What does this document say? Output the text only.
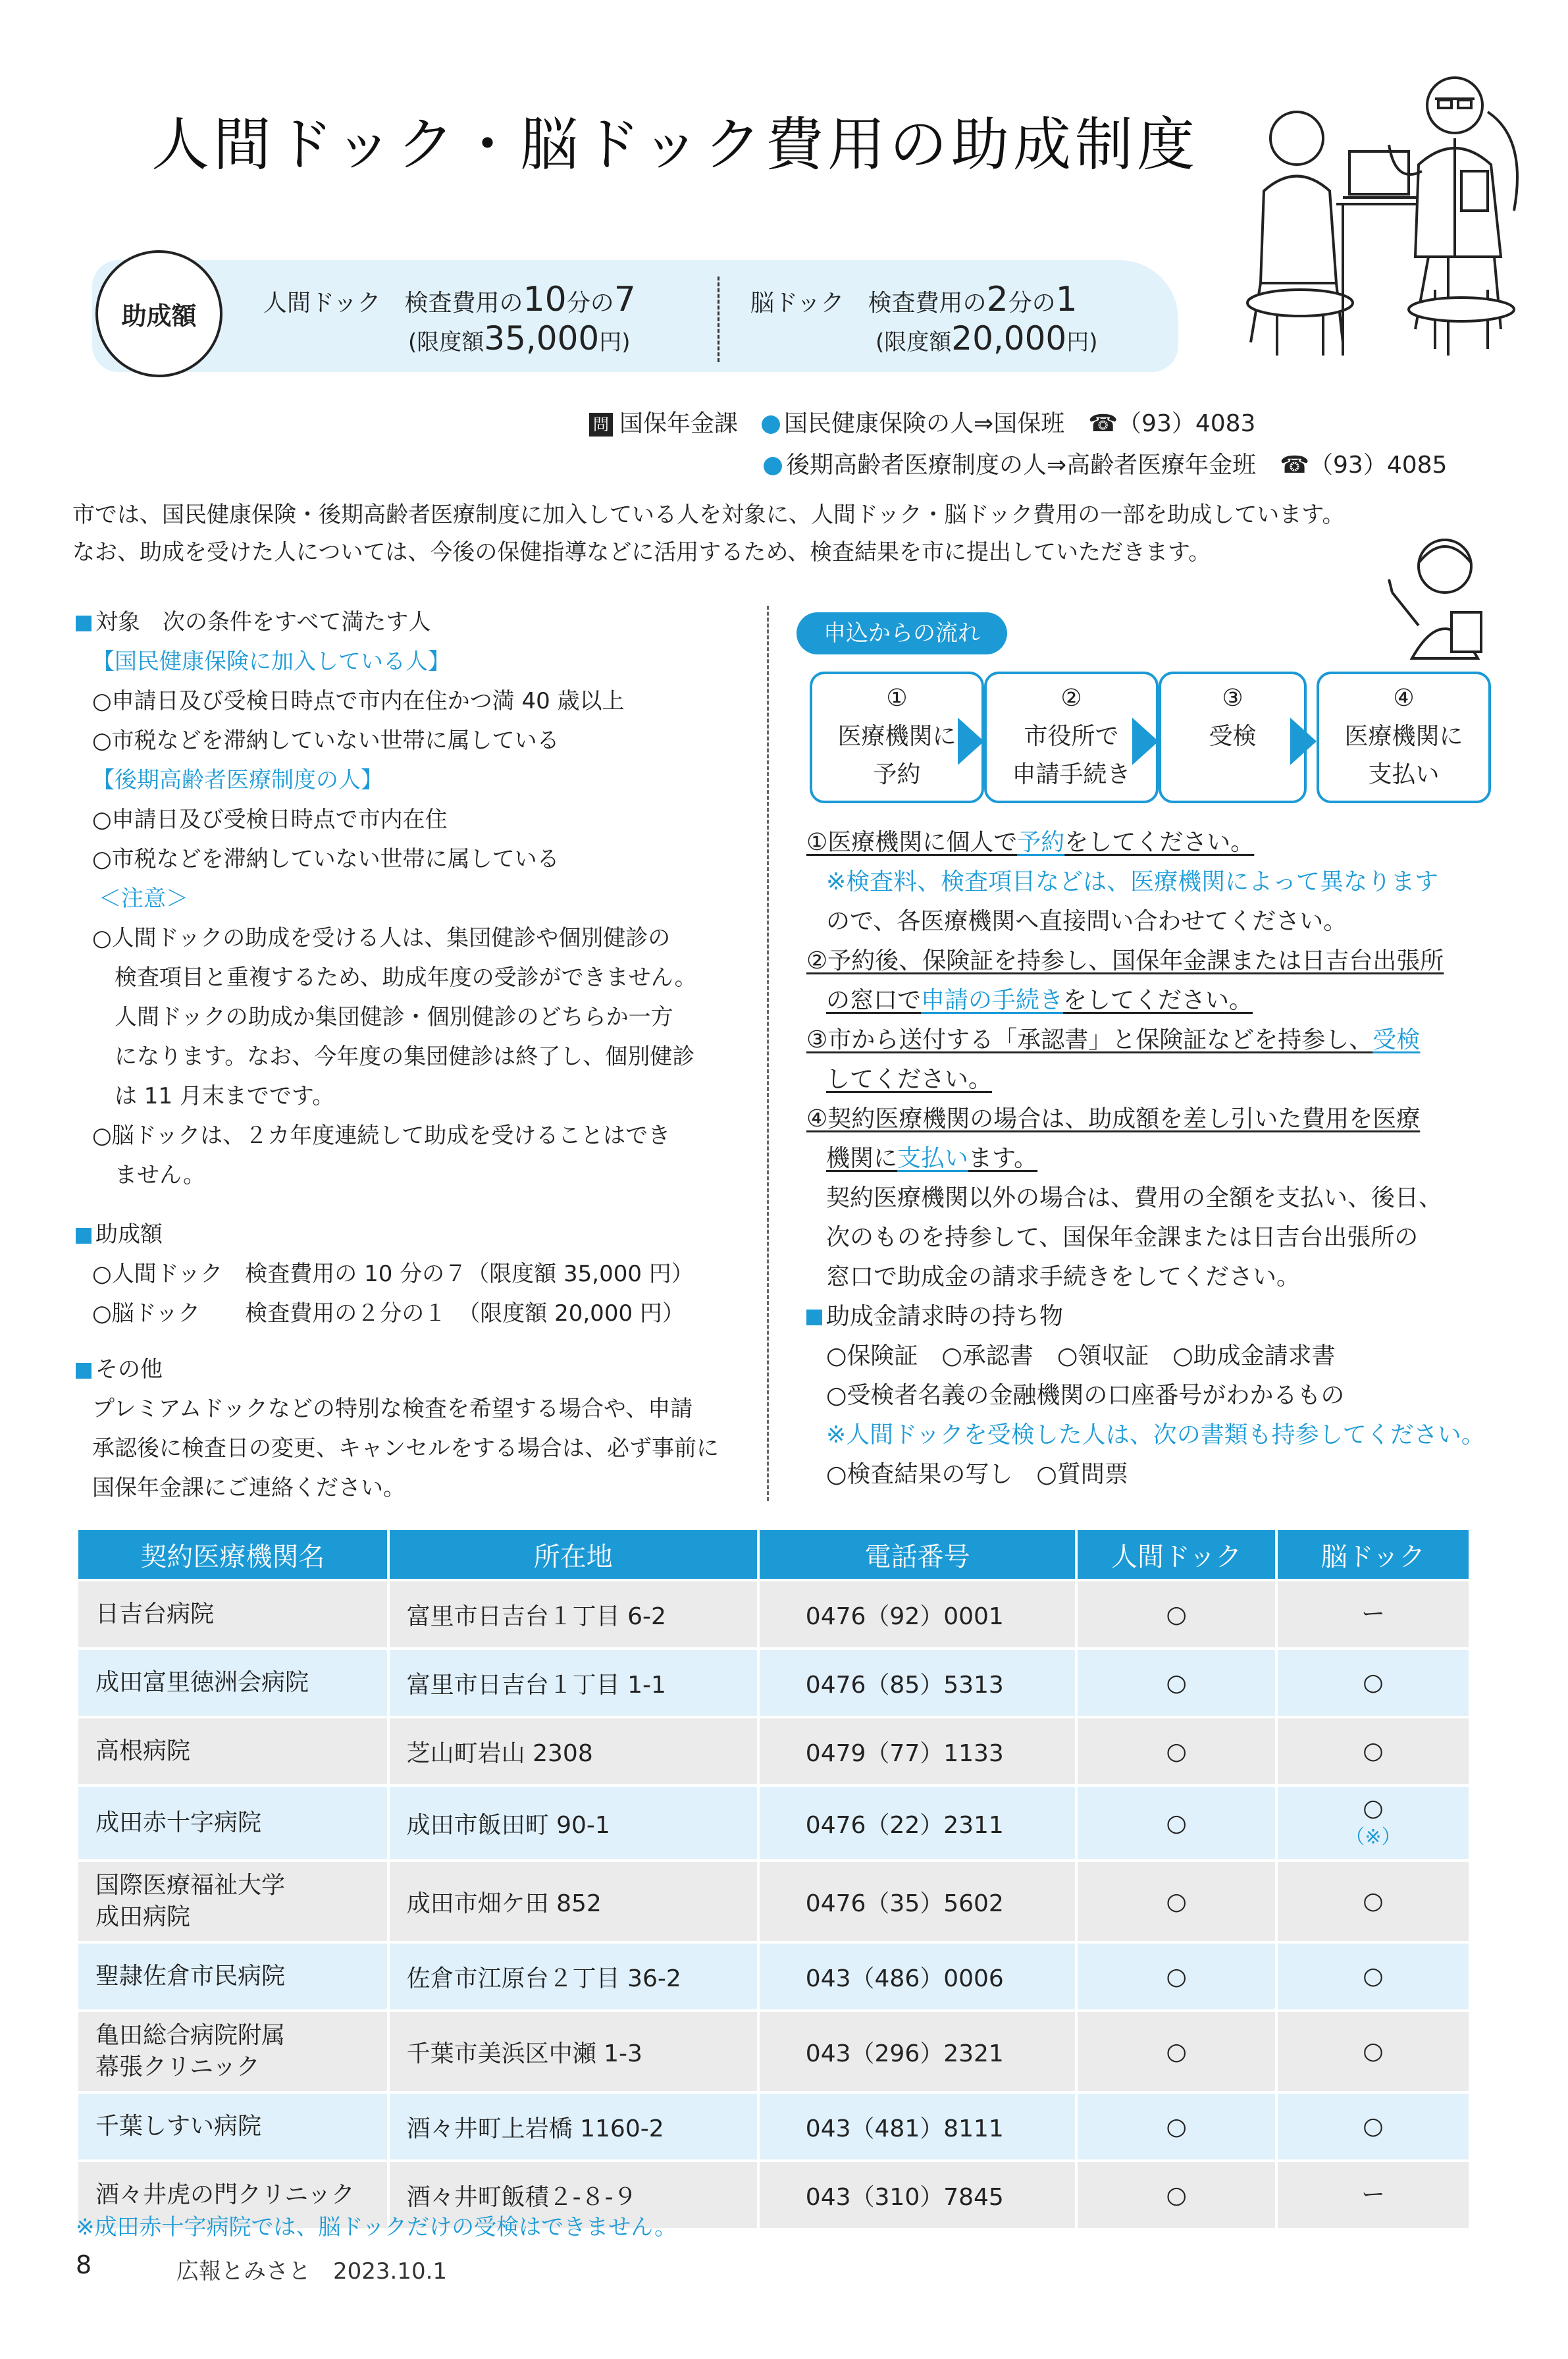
人間ドック・脳ドック費用の助成制度
助成額	人間ドック　検査費用の10分の7
(限度額35,000円)
脳ドック　検査費用の2分の1
(限度額20,000円)
問 国保年金課　 国民健康保険の人⇒国保班　☎（93）4083
後期高齢者医療制度の人⇒高齢者医療年金班　☎（93）4085
市では、国民健康保険・後期高齢者医療制度に加入している人を対象に、人間ドック・脳ドック費用の一部を助成しています。
なお、助成を受けた人については、今後の保健指導などに活用するため、検査結果を市に提出していただきます。
対象　次の条件をすべて満たす人
【国民健康保険に加入している人】
○申請日及び受検日時点で市内在住かつ満 40 歳以上
○市税などを滞納していない世帯に属している
【後期高齢者医療制度の人】
○申請日及び受検日時点で市内在住
○市税などを滞納していない世帯に属している
＜注意＞
○人間ドックの助成を受ける人は、集団健診や個別健診の
　検査項目と重複するため、助成年度の受診ができません。
　人間ドックの助成か集団健診・個別健診のどちらか一方
　になります。なお、今年度の集団健診は終了し、個別健診
　は 11 月末までです。
○脳ドックは、２カ年度連続して助成を受けることはでき
　ません。
助成額
○人間ドック　検査費用の 10 分の７（限度額 35,000 円）
○脳ドック　　検査費用の２分の１　（限度額 20,000 円）
その他
プレミアムドックなどの特別な検査を希望する場合や、申請
承認後に検査日の変更、キャンセルをする場合は、必ず事前に
国保年金課にご連絡ください。
申込からの流れ
①
医療機関に
予約
②
市役所で
申請手続き
③
受検
④
医療機関に
支払い
①医療機関に個人で予約をしてください。
※検査料、検査項目などは、医療機関によって異なります
ので、各医療機関へ直接問い合わせてください。
②予約後、保険証を持参し、国保年金課または日吉台出張所
の窓口で申請の手続きをしてください。
③市から送付する「承認書」と保険証などを持参し、受検
してください。
④契約医療機関の場合は、助成額を差し引いた費用を医療
機関に支払います。
契約医療機関以外の場合は、費用の全額を支払い、後日、
次のものを持参して、国保年金課または日吉台出張所の
窓口で助成金の請求手続きをしてください。
助成金請求時の持ち物
○保険証　○承認書　○領収証　○助成金請求書
○受検者名義の金融機関の口座番号がわかるもの
※人間ドックを受検した人は、次の書類も持参してください。
○検査結果の写し　○質問票
契約医療機関名	所在地	電話番号	人間ドック	脳ドック

日吉台病院	富里市日吉台１丁目 6-2	0476（92）0001	○	ー

成田富里徳洲会病院	富里市日吉台１丁目 1-1	0476（85）5313	○	○

高根病院	芝山町岩山 2308	0479（77）1133	○	○

成田赤十字病院	成田市飯田町 90-1	0476（22）2311	○	○
（※）

国際医療福祉大学
成田病院	成田市畑ケ田 852	0476（35）5602	○	○

聖隷佐倉市民病院	佐倉市江原台２丁目 36-2	043（486）0006	○	○

亀田総合病院附属
幕張クリニック	千葉市美浜区中瀬 1-3	043（296）2321	○	○

千葉しすい病院	酒々井町上岩橋 1160-2	043（481）8111	○	○

酒々井虎の門クリニック	酒々井町飯積２-８-９	043（310）7845	○	ー
※成田赤十字病院では、脳ドックだけの受検はできません。
8	広報とみさと　2023.10.1
